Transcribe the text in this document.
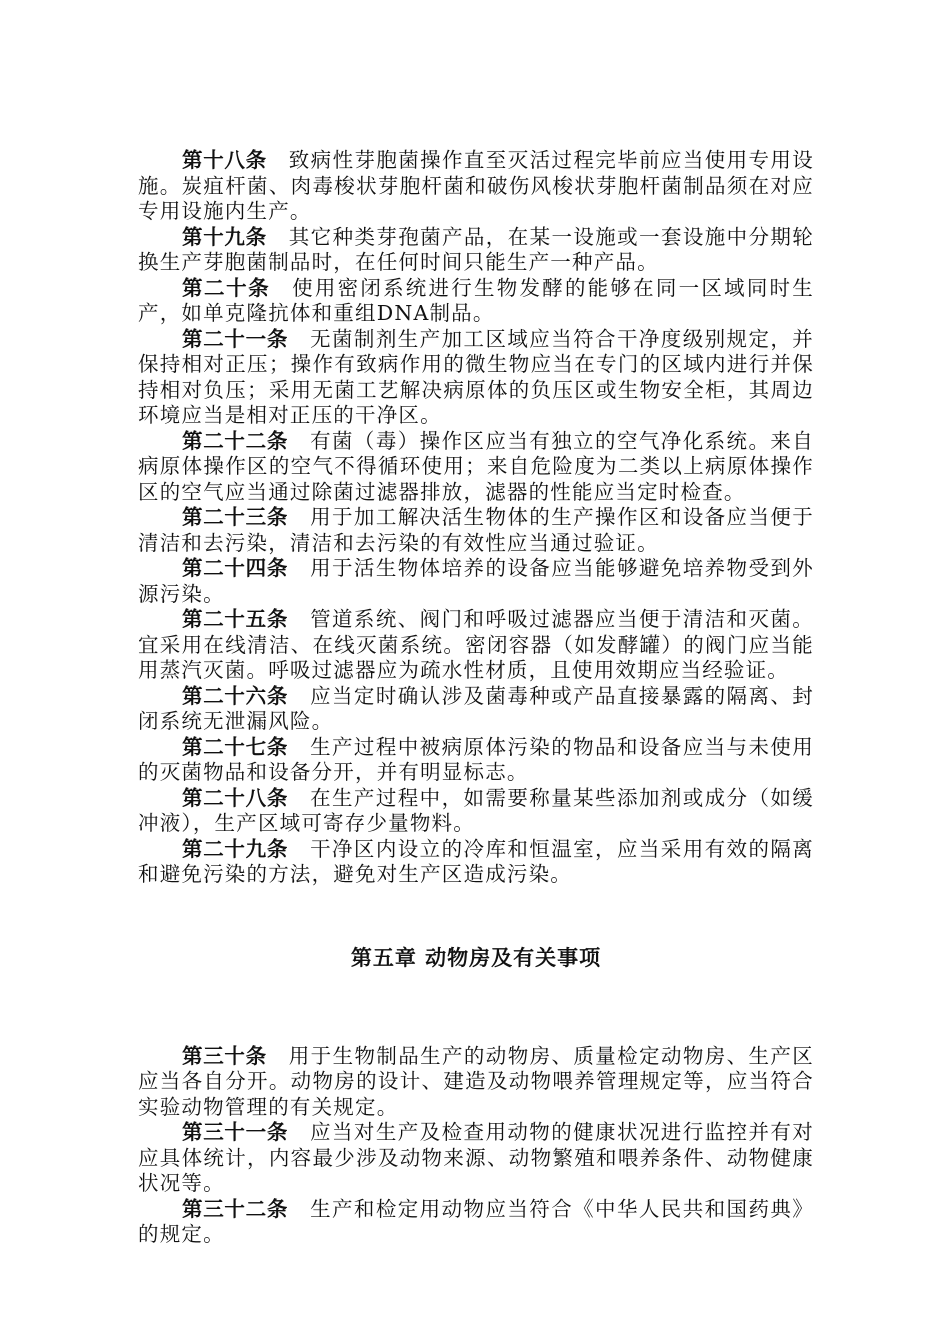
第十八条 致病性芽胞菌操作直至灭活过程完毕前应当使用专用设施。炭疽杆菌、肉毒梭状芽胞杆菌和破伤风梭状芽胞杆菌制品须在对应专用设施内生产。

第十九条 其它种类芽孢菌产品，在某一设施或一套设施中分期轮换生产芽胞菌制品时，在任何时间只能生产一种产品。

第二十条 使用密闭系统进行生物发酵的能够在同一区域同时生产，如单克隆抗体和重组DNA制品。

第二十一条 无菌制剂生产加工区域应当符合干净度级别规定，并保持相对正压；操作有致病作用的微生物应当在专门的区域内进行并保持相对负压；采用无菌工艺解决病原体的负压区或生物安全柜，其周边环境应当是相对正压的干净区。

第二十二条 有菌（毒）操作区应当有独立的空气净化系统。来自病原体操作区的空气不得循环使用；来自危险度为二类以上病原体操作区的空气应当通过除菌过滤器排放，滤器的性能应当定时检查。

第二十三条 用于加工解决活生物体的生产操作区和设备应当便于清洁和去污染，清洁和去污染的有效性应当通过验证。

第二十四条 用于活生物体培养的设备应当能够避免培养物受到外源污染。

第二十五条 管道系统、阀门和呼吸过滤器应当便于清洁和灭菌。宜采用在线清洁、在线灭菌系统。密闭容器（如发酵罐）的阀门应当能用蒸汽灭菌。呼吸过滤器应为疏水性材质，且使用效期应当经验证。

第二十六条 应当定时确认涉及菌毒种或产品直接暴露的隔离、封闭系统无泄漏风险。

第二十七条 生产过程中被病原体污染的物品和设备应当与未使用的灭菌物品和设备分开，并有明显标志。

第二十八条 在生产过程中，如需要称量某些添加剂或成分（如缓冲液），生产区域可寄存少量物料。

第二十九条 干净区内设立的冷库和恒温室，应当采用有效的隔离和避免污染的方法，避免对生产区造成污染。

第五章 动物房及有关事项

第三十条 用于生物制品生产的动物房、质量检定动物房、生产区应当各自分开。动物房的设计、建造及动物喂养管理规定等，应当符合实验动物管理的有关规定。

第三十一条 应当对生产及检查用动物的健康状况进行监控并有对应具体统计，内容最少涉及动物来源、动物繁殖和喂养条件、动物健康状况等。

第三十二条 生产和检定用动物应当符合《中华人民共和国药典》的规定。
